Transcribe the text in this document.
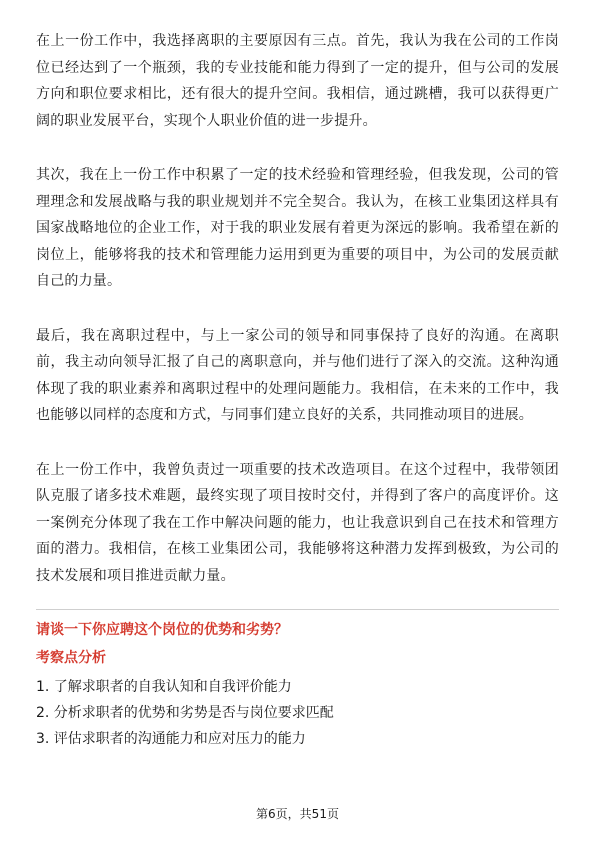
在上一份工作中，我选择离职的主要原因有三点。首先，我认为我在公司的工作岗位已经达到了一个瓶颈，我的专业技能和能力得到了一定的提升，但与公司的发展方向和职位要求相比，还有很大的提升空间。我相信，通过跳槽，我可以获得更广阔的职业发展平台，实现个人职业价值的进一步提升。

其次，我在上一份工作中积累了一定的技术经验和管理经验，但我发现，公司的管理理念和发展战略与我的职业规划并不完全契合。我认为，在核工业集团这样具有国家战略地位的企业工作，对于我的职业发展有着更为深远的影响。我希望在新的岗位上，能够将我的技术和管理能力运用到更为重要的项目中，为公司的发展贡献自己的力量。

最后，我在离职过程中，与上一家公司的领导和同事保持了良好的沟通。在离职前，我主动向领导汇报了自己的离职意向，并与他们进行了深入的交流。这种沟通体现了我的职业素养和离职过程中的处理问题能力。我相信，在未来的工作中，我也能够以同样的态度和方式，与同事们建立良好的关系，共同推动项目的进展。

在上一份工作中，我曾负责过一项重要的技术改造项目。在这个过程中，我带领团队克服了诸多技术难题，最终实现了项目按时交付，并得到了客户的高度评价。这一案例充分体现了我在工作中解决问题的能力，也让我意识到自己在技术和管理方面的潜力。我相信，在核工业集团公司，我能够将这种潜力发挥到极致，为公司的技术发展和项目推进贡献力量。

请谈一下你应聘这个岗位的优势和劣势？
考察点分析
1. 了解求职者的自我认知和自我评价能力
2. 分析求职者的优势和劣势是否与岗位要求匹配
3. 评估求职者的沟通能力和应对压力的能力
第6页，共51页
